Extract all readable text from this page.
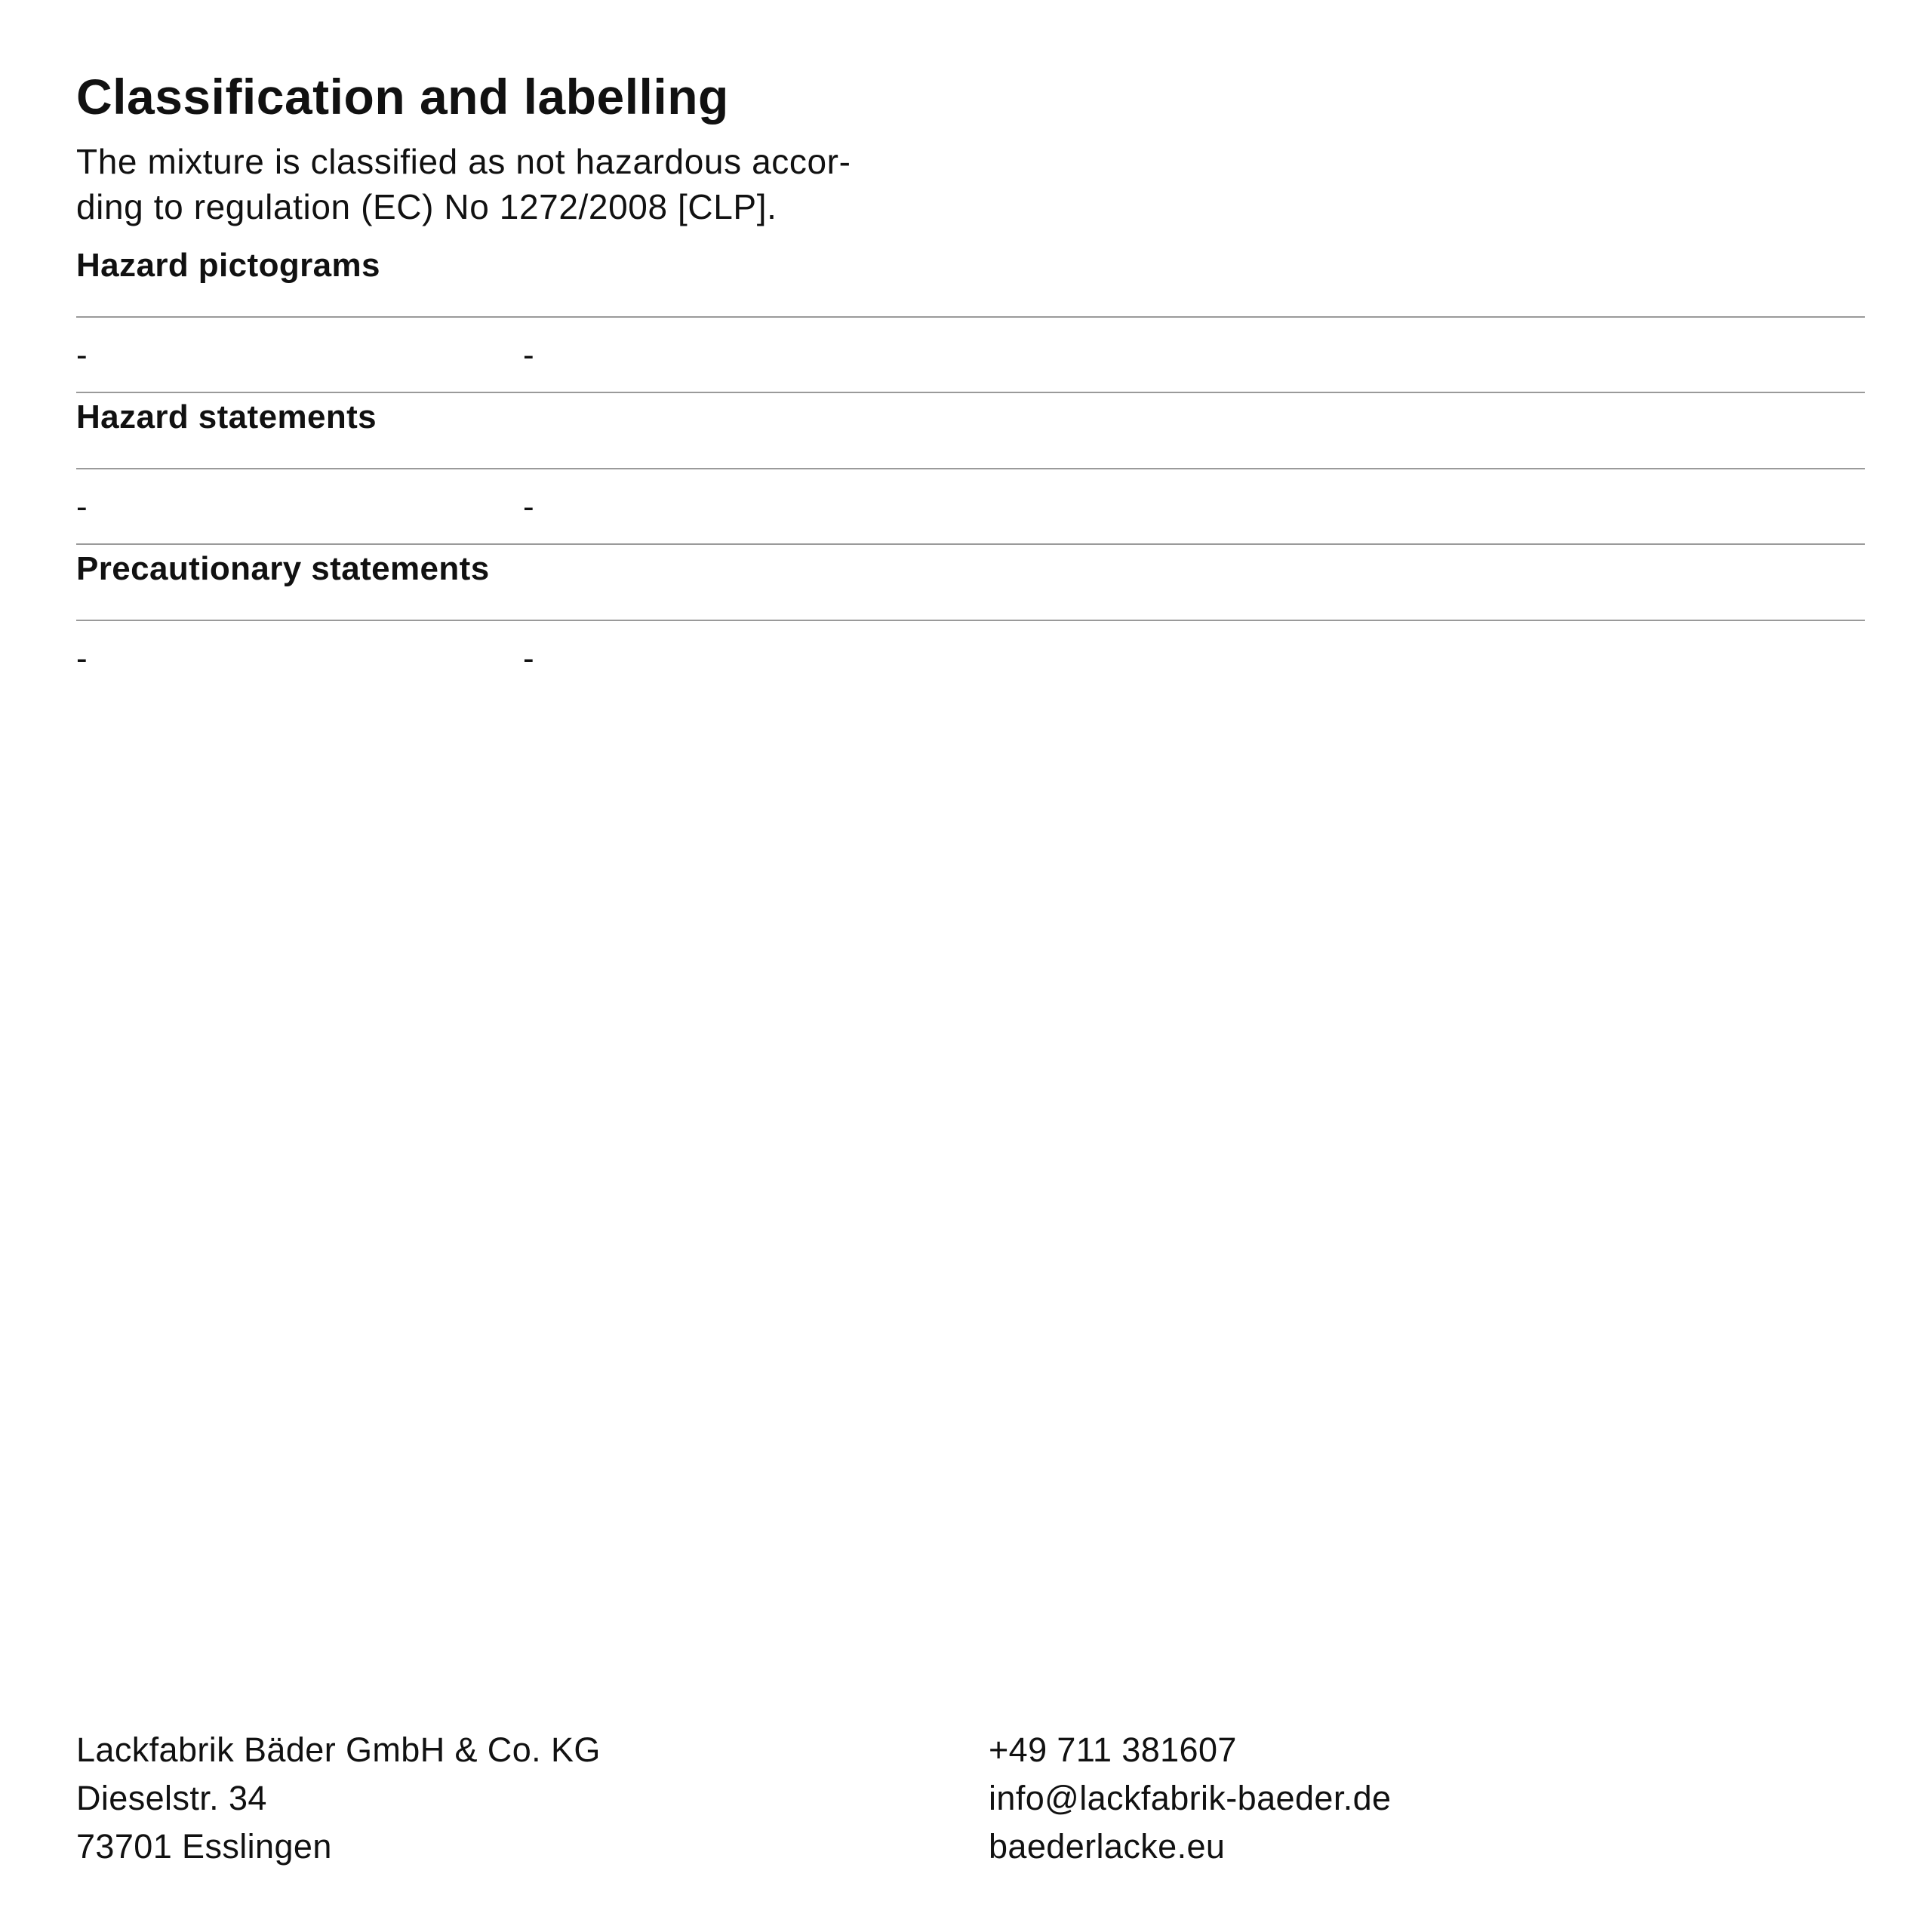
Classification and labelling

The mixture is classified as not hazardous accor-
ding to regulation (EC) No 1272/2008 [CLP].

Hazard pictograms
-	-
Hazard statements
-	-
Precautionary statements
-	-
Lackfabrik Bäder GmbH & Co. KG
Dieselstr. 34
73701 Esslingen
+49 711 381607
info@lackfabrik-baeder.de
baederlacke.eu
